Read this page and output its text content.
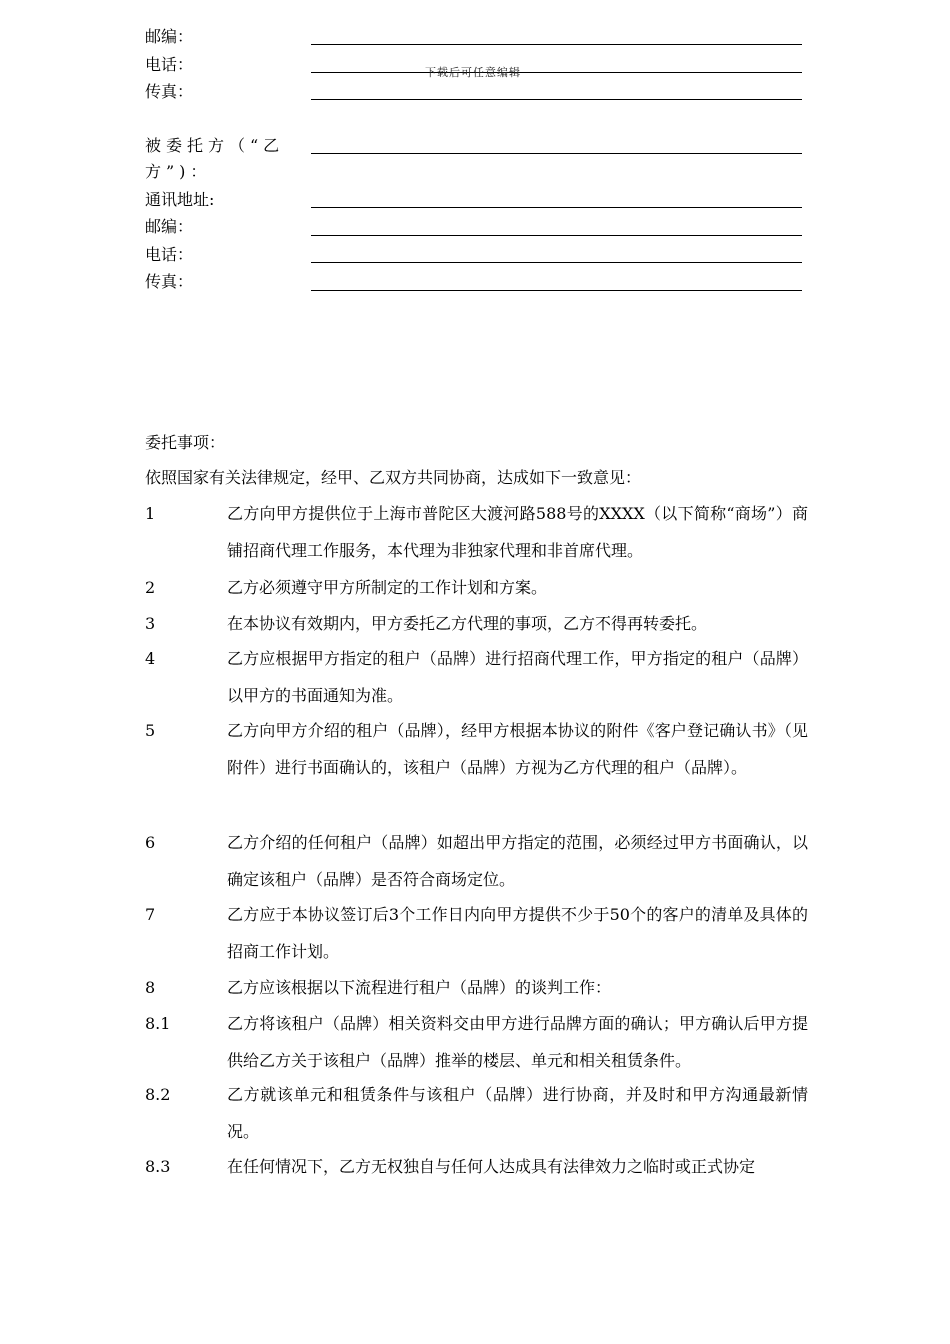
邮编：
电话：
传真：
下载后可任意编辑
被委托方（“乙方”)：
通讯地址:
邮编：
电话：
传真：
委托事项：
依照国家有关法律规定，经甲、乙双方共同协商，达成如下一致意见：
1	乙方向甲方提供位于上海市普陀区大渡河路588号的XXXX（以下简称“商场”）商铺招商代理工作服务，本代理为非独家代理和非首席代理。
2	乙方必须遵守甲方所制定的工作计划和方案。
3	在本协议有效期内，甲方委托乙方代理的事项，乙方不得再转委托。
4	乙方应根据甲方指定的租户（品牌）进行招商代理工作，甲方指定的租户（品牌）以甲方的书面通知为准。
5	乙方向甲方介绍的租户（品牌），经甲方根据本协议的附件《客户登记确认书》（见附件）进行书面确认的，该租户（品牌）方视为乙方代理的租户（品牌）。
6	乙方介绍的任何租户（品牌）如超出甲方指定的范围，必须经过甲方书面确认，以确定该租户（品牌）是否符合商场定位。
7	乙方应于本协议签订后3个工作日内向甲方提供不少于50个的客户的清单及具体的招商工作计划。
8	乙方应该根据以下流程进行租户（品牌）的谈判工作：
8.1	乙方将该租户（品牌）相关资料交由甲方进行品牌方面的确认；甲方确认后甲方提供给乙方关于该租户（品牌）推举的楼层、单元和相关租赁条件。
8.2	乙方就该单元和租赁条件与该租户（品牌）进行协商，并及时和甲方沟通最新情况。
8.3	在任何情况下，乙方无权独自与任何人达成具有法律效力之临时或正式协定
